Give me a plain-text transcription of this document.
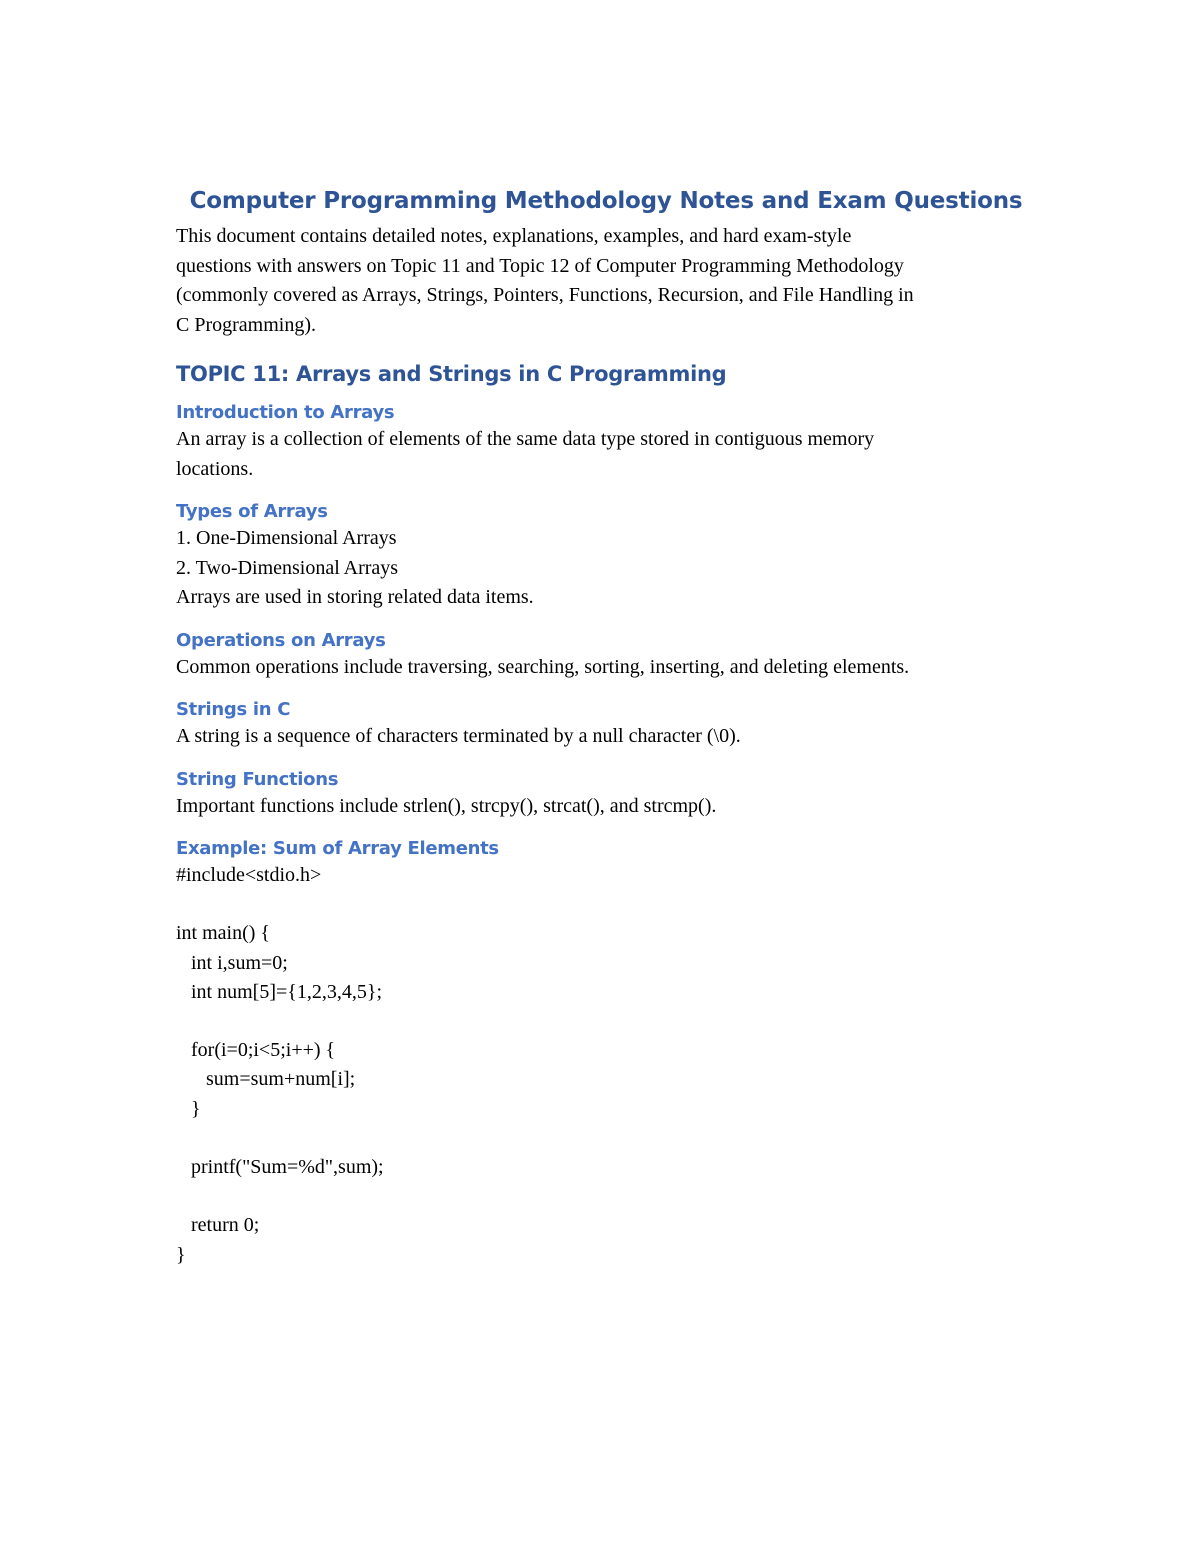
Computer Programming Methodology Notes and Exam Questions

This document contains detailed notes, explanations, examples, and hard exam-style
questions with answers on Topic 11 and Topic 12 of Computer Programming Methodology
(commonly covered as Arrays, Strings, Pointers, Functions, Recursion, and File Handling in
C Programming).

TOPIC 11: Arrays and Strings in C Programming
Introduction to Arrays

An array is a collection of elements of the same data type stored in contiguous memory
locations.

Types of Arrays

1. One-Dimensional Arrays
2. Two-Dimensional Arrays
Arrays are used in storing related data items.

Operations on Arrays

Common operations include traversing, searching, sorting, inserting, and deleting elements.

Strings in C

A string is a sequence of characters terminated by a null character (\0).

String Functions

Important functions include strlen(), strcpy(), strcat(), and strcmp().

Example: Sum of Array Elements
#include<stdio.h>

int main() {
int i,sum=0;
int num[5]={1,2,3,4,5};

for(i=0;i<5;i++) {
sum=sum+num[i];
}

printf("Sum=%d",sum);

return 0;
}
